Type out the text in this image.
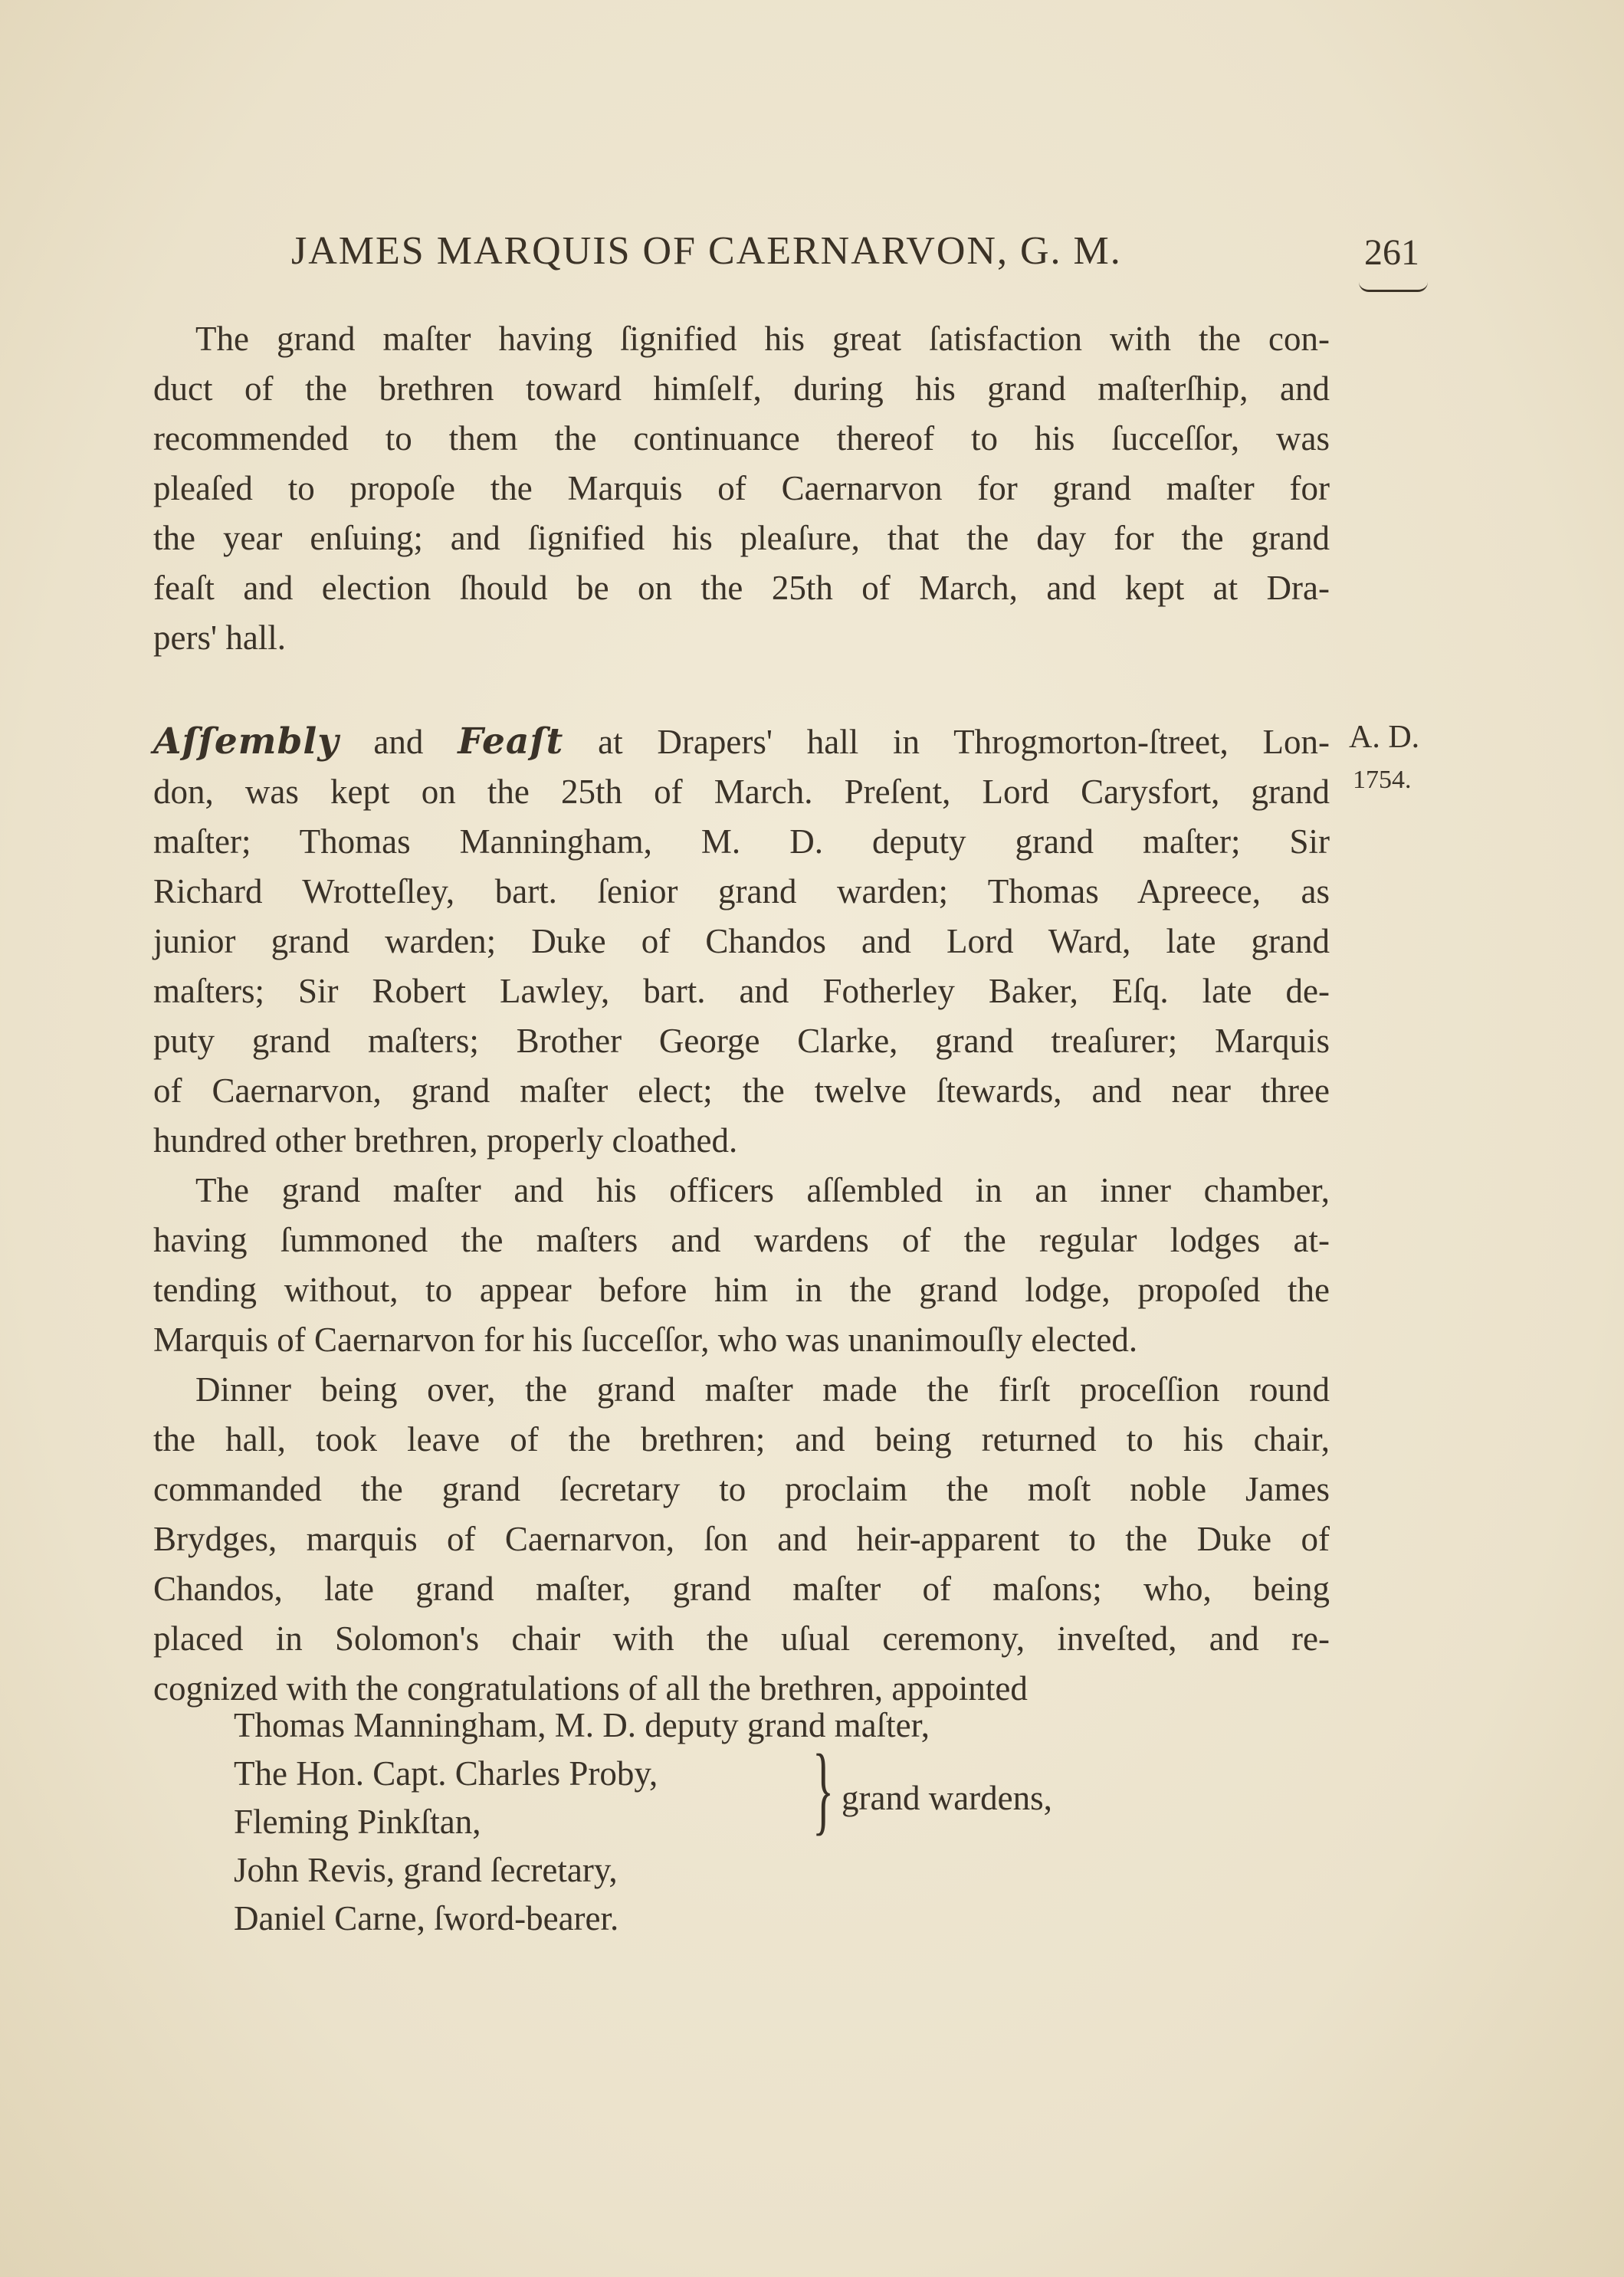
JAMES MARQUIS OF CAERNARVON, G. M.	261
The grand maſter having ſignified his great ſatisfaction with the con-
duct of the brethren toward himſelf, during his grand maſterſhip, and
recommended to them the continuance thereof to his ſucceſſor, was
pleaſed to propoſe the Marquis of Caernarvon for grand maſter for
the year enſuing; and ſignified his pleaſure, that the day for the grand
feaſt and election ſhould be on the 25th of March, and kept at Dra-
pers' hall.
Aſſembly and Feaſt at Drapers' hall in Throgmorton-ſtreet, Lon-
don, was kept on the 25th of March. Preſent, Lord Carysfort, grand
maſter; Thomas Manningham, M. D. deputy grand maſter; Sir
Richard Wrotteſley, bart. ſenior grand warden; Thomas Apreece, as
junior grand warden; Duke of Chandos and Lord Ward, late grand
maſters; Sir Robert Lawley, bart. and Fotherley Baker, Eſq. late de-
puty grand maſters; Brother George Clarke, grand treaſurer; Marquis
of Caernarvon, grand maſter elect; the twelve ſtewards, and near three
hundred other brethren, properly cloathed.
The grand maſter and his officers aſſembled in an inner chamber,
having ſummoned the maſters and wardens of the regular lodges at-
tending without, to appear before him in the grand lodge, propoſed the
Marquis of Caernarvon for his ſucceſſor, who was unanimouſly elected.
Dinner being over, the grand maſter made the firſt proceſſion round
the hall, took leave of the brethren; and being returned to his chair,
commanded the grand ſecretary to proclaim the moſt noble James
Brydges, marquis of Caernarvon, ſon and heir-apparent to the Duke of
Chandos, late grand maſter, grand maſter of maſons; who, being
placed in Solomon's chair with the uſual ceremony, inveſted, and re-
cognized with the congratulations of all the brethren, appointed
A. D.
1754.
Thomas Manningham, M. D. deputy grand maſter,
The Hon. Capt. Charles Proby,
Fleming Pinkſtan,
John Revis, grand ſecretary,
Daniel Carne, ſword-bearer.
} grand wardens,
